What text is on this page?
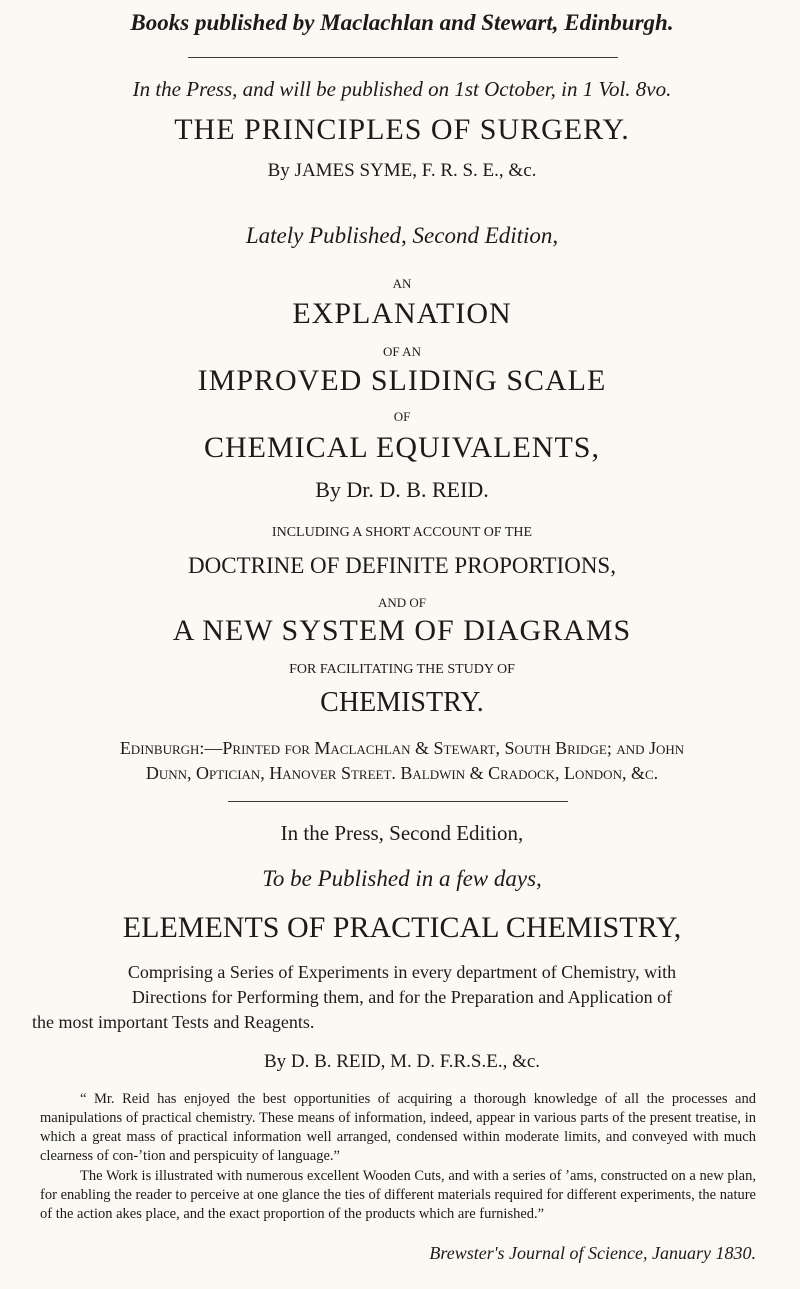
Books published by Maclachlan and Stewart, Edinburgh.

In the Press, and will be published on 1st October, in 1 Vol. 8vo.

THE PRINCIPLES OF SURGERY.

By JAMES SYME, F. R. S. E., &c.

Lately Published, Second Edition,

AN

EXPLANATION

OF AN

IMPROVED SLIDING SCALE

OF

CHEMICAL EQUIVALENTS,

By Dr. D. B. REID.

INCLUDING A SHORT ACCOUNT OF THE

DOCTRINE OF DEFINITE PROPORTIONS,

AND OF

A NEW SYSTEM OF DIAGRAMS

FOR FACILITATING THE STUDY OF

CHEMISTRY.

Edinburgh:—Printed for Maclachlan & Stewart, South Bridge; and John

Dunn, Optician, Hanover Street. Baldwin & Cradock, London, &c.

In the Press, Second Edition,

To be Published in a few days,

ELEMENTS OF PRACTICAL CHEMISTRY,

Comprising a Series of Experiments in every department of Chemistry, with

Directions for Performing them, and for the Preparation and Application of

the most important Tests and Reagents.

By D. B. REID, M. D. F.R.S.E., &c.

“ Mr. Reid has enjoyed the best opportunities of acquiring a thorough knowledge of all the processes and manipulations of practical chemistry. These means of information, indeed, appear in various parts of the present treatise, in which a great mass of practical information well arranged, condensed within moderate limits, and conveyed with much clearness of con-ʼtion and perspicuity of language.”

The Work is illustrated with numerous excellent Wooden Cuts, and with a series of ʼams, constructed on a new plan, for enabling the reader to perceive at one glance the ties of different materials required for different experiments, the nature of the action akes place, and the exact proportion of the products which are furnished.”

Brewster's Journal of Science, January 1830.
